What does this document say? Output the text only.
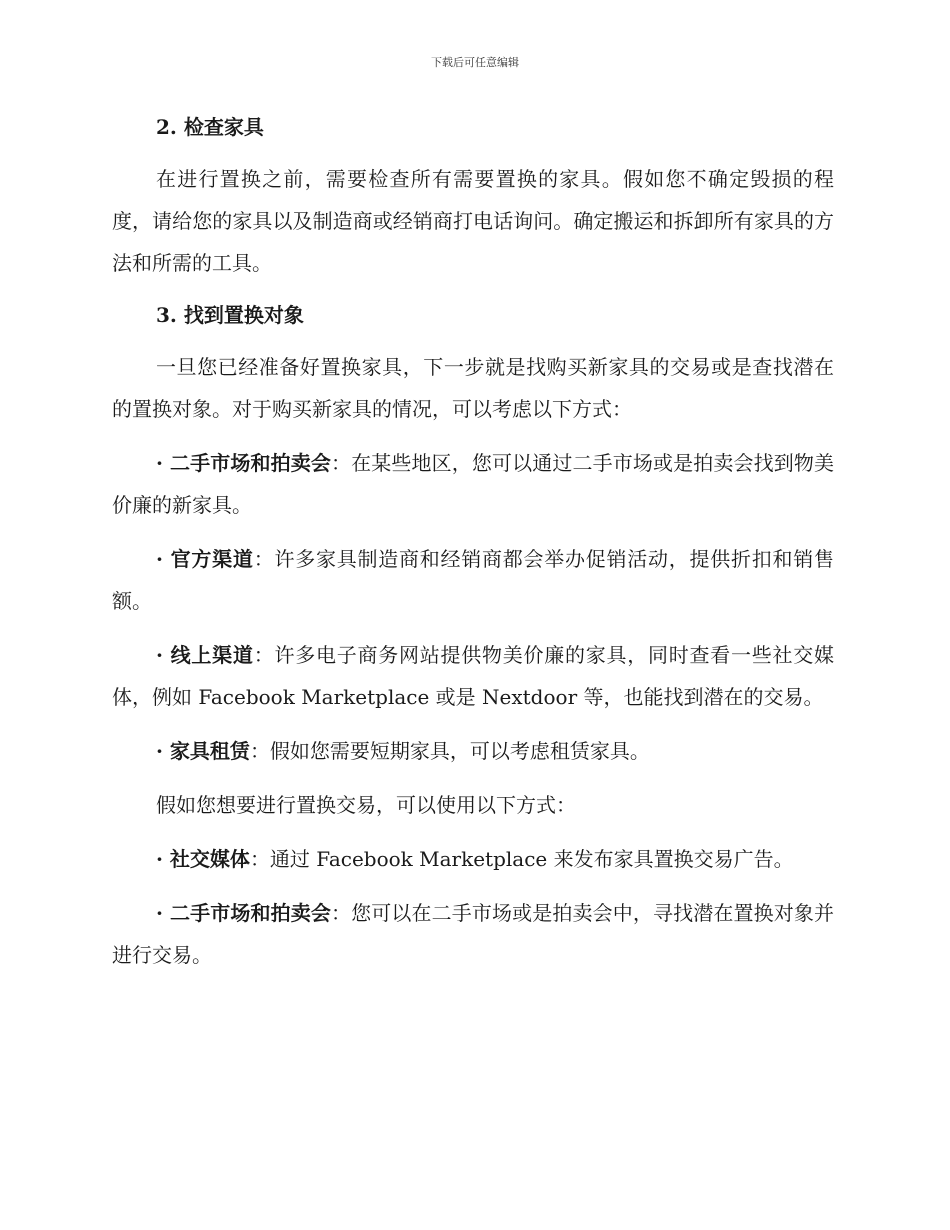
下载后可任意编辑
2. 检查家具

在进行置换之前，需要检查所有需要置换的家具。假如您不确定毁损的程度，请给您的家具以及制造商或经销商打电话询问。确定搬运和拆卸所有家具的方法和所需的工具。

3. 找到置换对象

一旦您已经准备好置换家具，下一步就是找购买新家具的交易或是查找潜在的置换对象。对于购买新家具的情况，可以考虑以下方式：

· 二手市场和拍卖会：在某些地区，您可以通过二手市场或是拍卖会找到物美价廉的新家具。

· 官方渠道：许多家具制造商和经销商都会举办促销活动，提供折扣和销售额。

· 线上渠道：许多电子商务网站提供物美价廉的家具，同时查看一些社交媒体，例如 Facebook Marketplace 或是 Nextdoor 等，也能找到潜在的交易。

· 家具租赁：假如您需要短期家具，可以考虑租赁家具。

假如您想要进行置换交易，可以使用以下方式：

· 社交媒体：通过 Facebook Marketplace 来发布家具置换交易广告。

· 二手市场和拍卖会：您可以在二手市场或是拍卖会中，寻找潜在置换对象并进行交易。
